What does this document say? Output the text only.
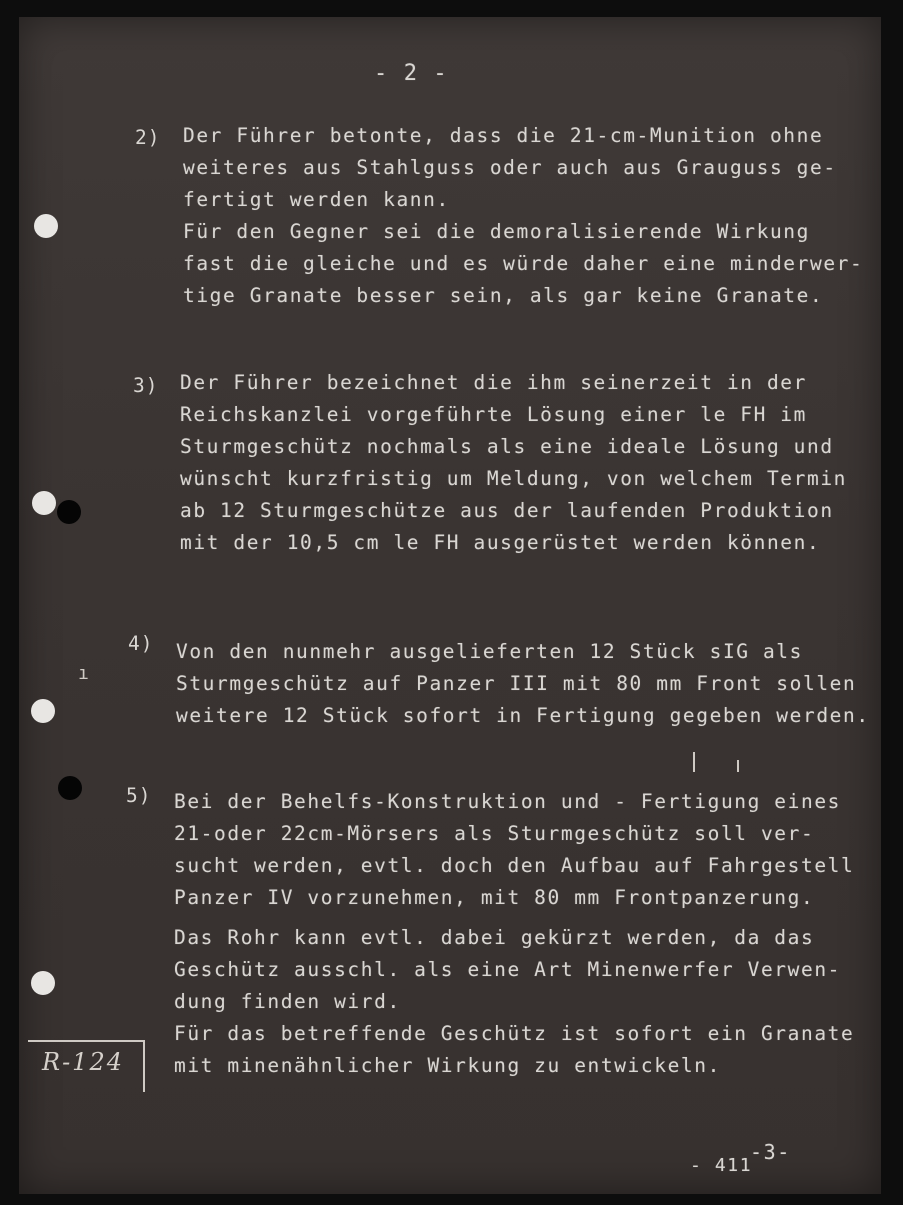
- 2 -
2) Der Führer betonte, dass die 21-cm-Munition ohne
weiteres aus Stahlguss oder auch aus Grauguss ge-
fertigt werden kann.
Für den Gegner sei die demoralisierende Wirkung
fast die gleiche und es würde daher eine minderwer-
tige Granate besser sein, als gar keine Granate.
3) Der Führer bezeichnet die ihm seinerzeit in der
Reichskanzlei vorgeführte Lösung einer le FH im
Sturmgeschütz nochmals als eine ideale Lösung und
wünscht kurzfristig um Meldung, von welchem Termin
ab 12 Sturmgeschütze aus der laufenden Produktion
mit der 10,5 cm le FH ausgerüstet werden können.
4)
ı
Von den nunmehr ausgelieferten 12 Stück sIG als
Sturmgeschütz auf Panzer III mit 80 mm Front sollen
weitere 12 Stück sofort in Fertigung gegeben werden.
5) Bei der Behelfs-Konstruktion und - Fertigung eines
21-oder 22cm-Mörsers als Sturmgeschütz soll ver-
sucht werden, evtl. doch den Aufbau auf Fahrgestell
Panzer IV vorzunehmen, mit 80 mm Frontpanzerung.
Das Rohr kann evtl. dabei gekürzt werden, da das
Geschütz ausschl. als eine Art Minenwerfer Verwen-
dung finden wird.
Für das betreffende Geschütz ist sofort ein Granate
mit minenähnlicher Wirkung zu entwickeln.
R-124
- 411
-3-
